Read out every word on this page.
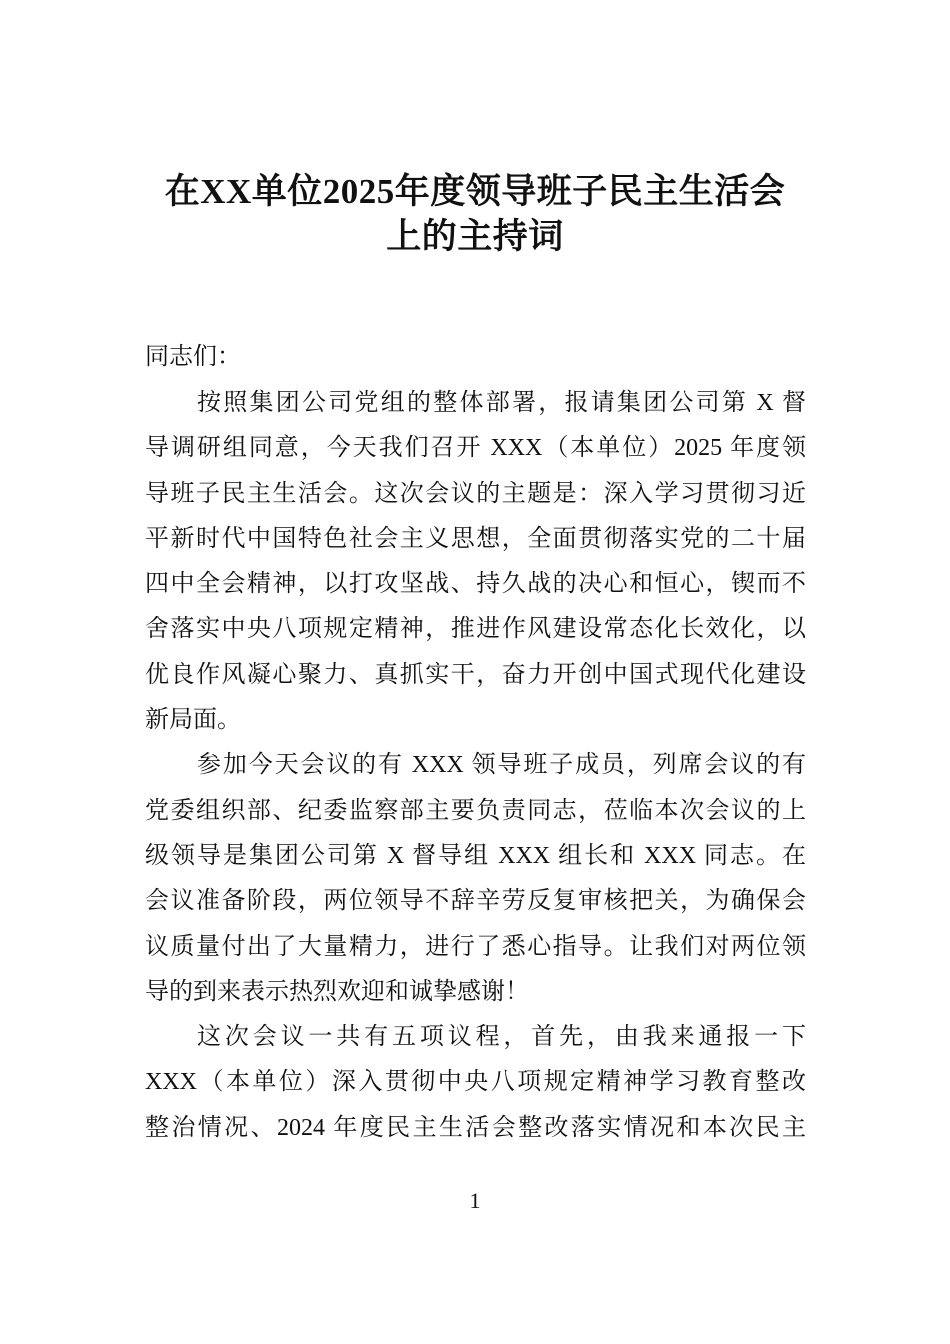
在XX单位2025年度领导班子民主生活会
上的主持词
同志们：
按照集团公司党组的整体部署，报请集团公司第 X 督
导调研组同意，今天我们召开 XXX（本单位）2025 年度领
导班子民主生活会。这次会议的主题是：深入学习贯彻习近
平新时代中国特色社会主义思想，全面贯彻落实党的二十届
四中全会精神，以打攻坚战、持久战的决心和恒心，锲而不
舍落实中央八项规定精神，推进作风建设常态化长效化，以
优良作风凝心聚力、真抓实干，奋力开创中国式现代化建设
新局面。
参加今天会议的有 XXX 领导班子成员，列席会议的有
党委组织部、纪委监察部主要负责同志，莅临本次会议的上
级领导是集团公司第 X 督导组 XXX 组长和 XXX 同志。在
会议准备阶段，两位领导不辞辛劳反复审核把关，为确保会
议质量付出了大量精力，进行了悉心指导。让我们对两位领
导的到来表示热烈欢迎和诚挚感谢！
这次会议一共有五项议程，首先，由我来通报一下
XXX（本单位）深入贯彻中央八项规定精神学习教育整改
整治情况、2024 年度民主生活会整改落实情况和本次民主
1
